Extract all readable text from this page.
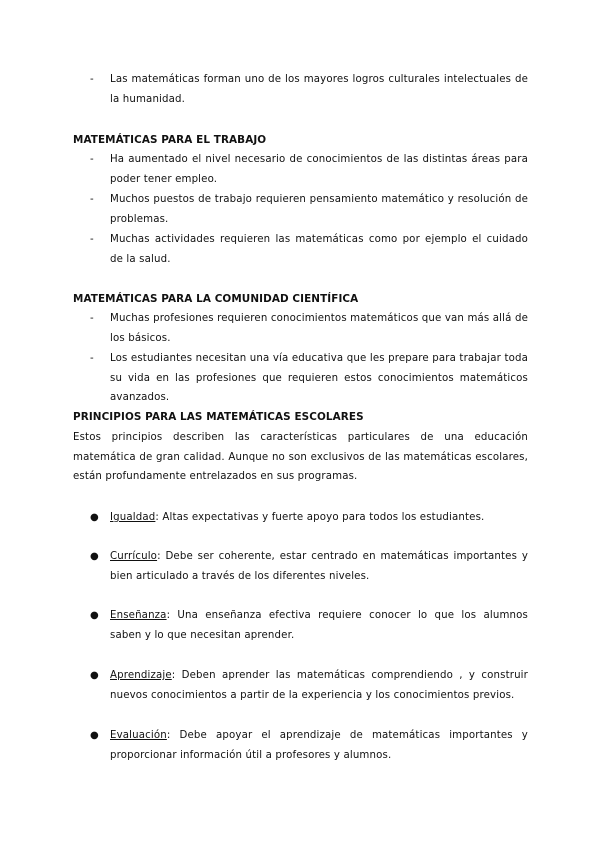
- Las matemáticas forman uno de los mayores logros culturales intelectuales de la humanidad.
MATEMÁTICAS PARA EL TRABAJO
- Ha aumentado el nivel necesario de conocimientos de las distintas áreas para poder tener empleo.
- Muchos puestos de trabajo requieren pensamiento matemático y resolución de problemas.
- Muchas actividades requieren las matemáticas como por ejemplo el cuidado de la salud.
MATEMÁTICAS PARA LA COMUNIDAD CIENTÍFICA
- Muchas profesiones requieren conocimientos matemáticos que van más allá de los básicos.
- Los estudiantes necesitan una vía educativa que les prepare para trabajar toda su vida en las profesiones que requieren estos conocimientos matemáticos avanzados.
PRINCIPIOS PARA LAS MATEMÁTICAS ESCOLARES
Estos principios describen las características particulares de una educación matemática de gran calidad. Aunque no son exclusivos de las matemáticas escolares, están profundamente entrelazados en sus programas.
● Igualdad: Altas expectativas y fuerte apoyo para todos los estudiantes.
● Currículo: Debe ser coherente, estar centrado en matemáticas importantes y bien articulado a través de los diferentes niveles.
● Enseñanza: Una enseñanza efectiva requiere conocer lo que los alumnos saben y lo que necesitan aprender.
● Aprendizaje: Deben aprender las matemáticas comprendiendo , y construir nuevos conocimientos a partir de la experiencia y los conocimientos previos.
● Evaluación: Debe apoyar el aprendizaje de matemáticas importantes y proporcionar información útil a profesores y alumnos.
